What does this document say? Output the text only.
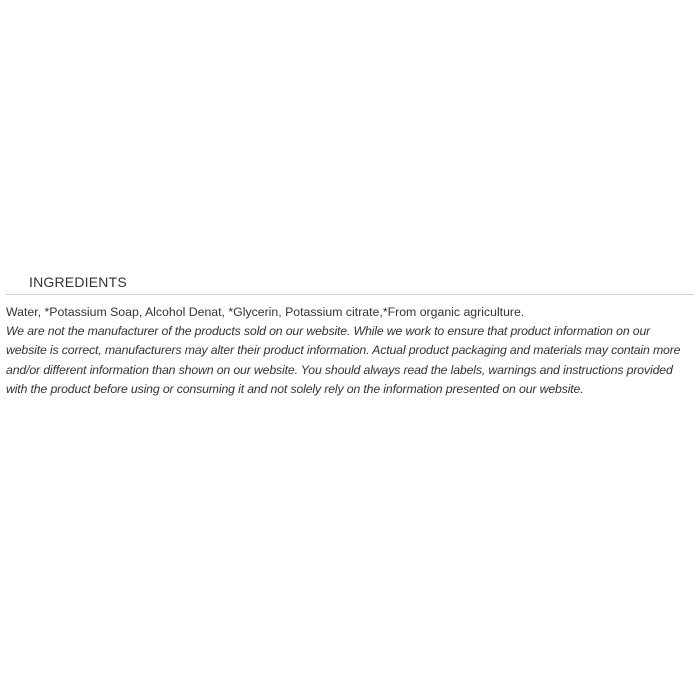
INGREDIENTS

Water, *Potassium Soap, Alcohol Denat, *Glycerin, Potassium citrate,*From organic agriculture.

We are not the manufacturer of the products sold on our website. While we work to ensure that product information on our website is correct, manufacturers may alter their product information. Actual product packaging and materials may contain more and/or different information than shown on our website. You should always read the labels, warnings and instructions provided with the product before using or consuming it and not solely rely on the information presented on our website.
